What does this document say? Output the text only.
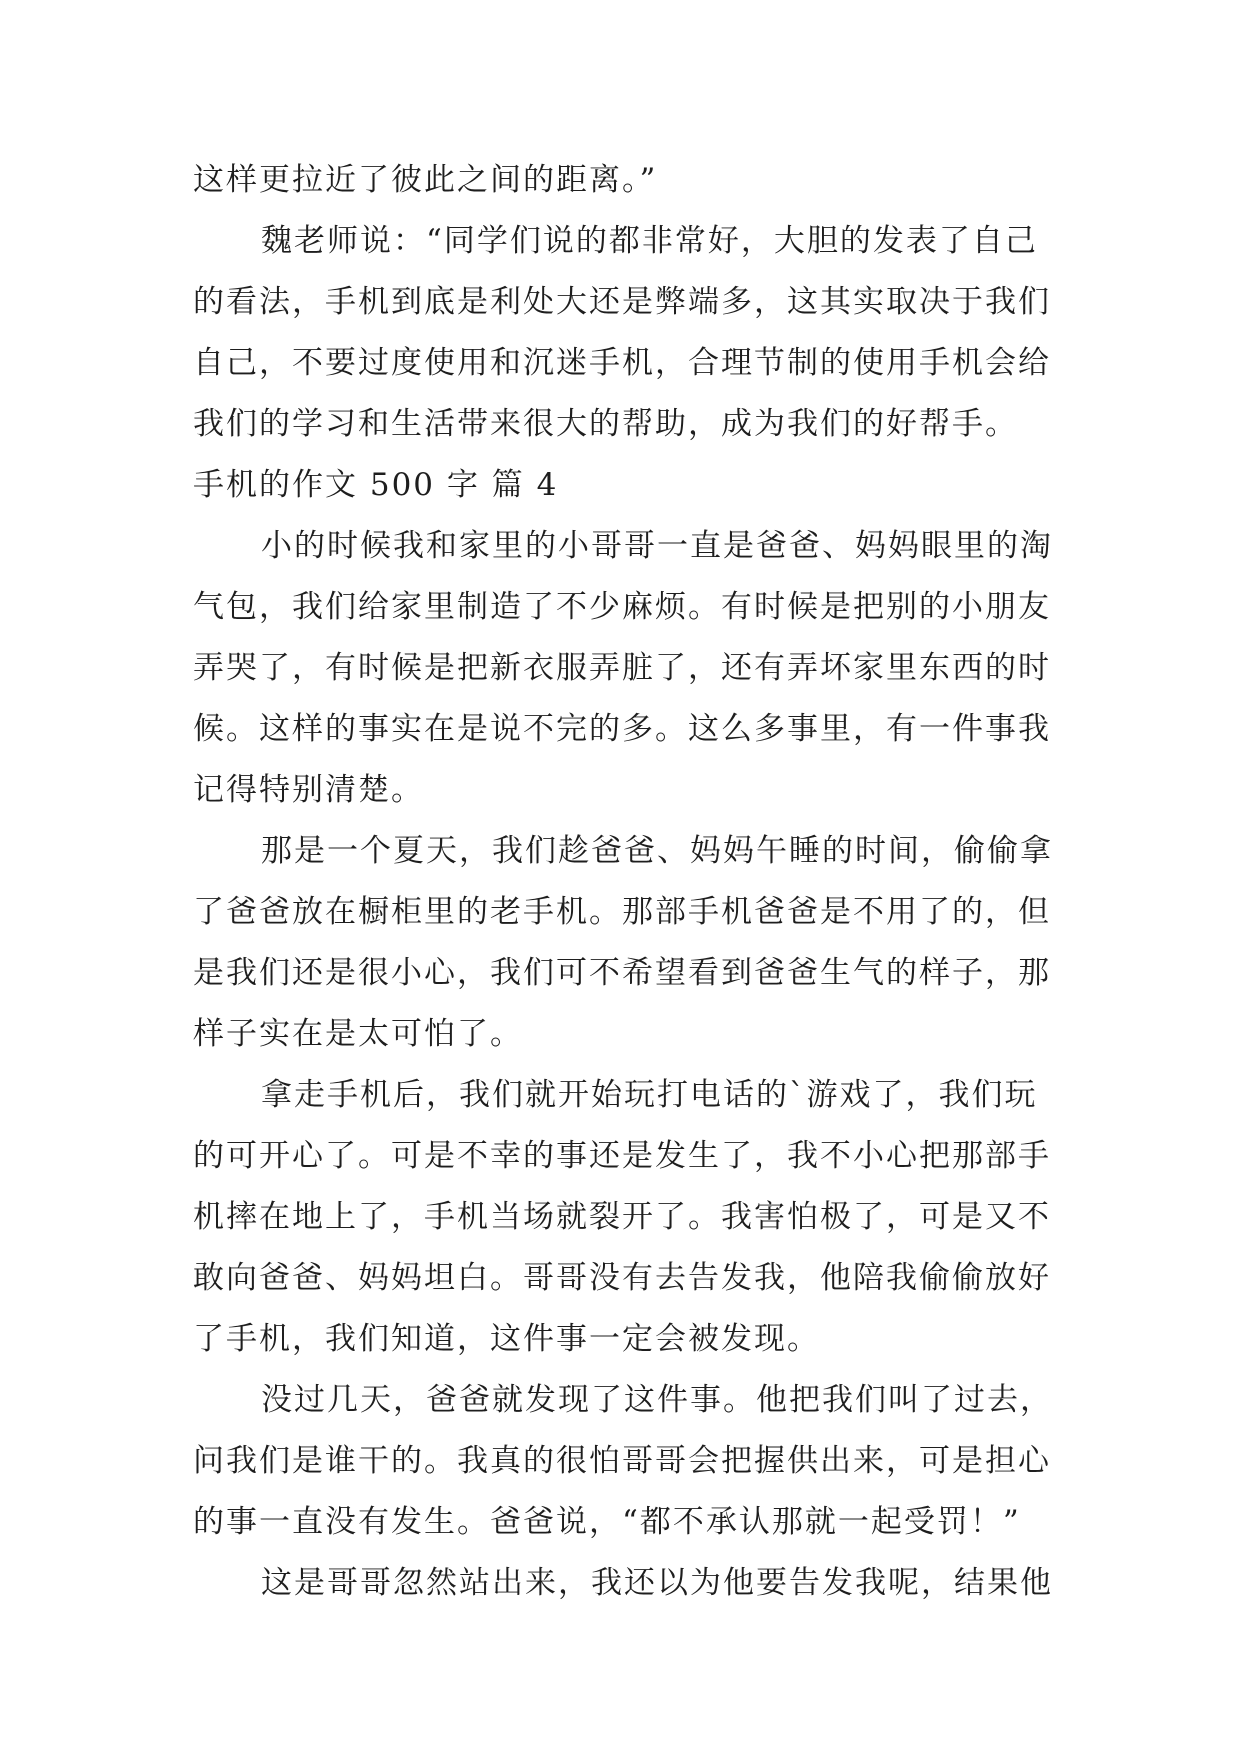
这样更拉近了彼此之间的距离。”
魏老师说：“同学们说的都非常好，大胆的发表了自己
的看法，手机到底是利处大还是弊端多，这其实取决于我们
自己，不要过度使用和沉迷手机，合理节制的使用手机会给
我们的学习和生活带来很大的帮助，成为我们的好帮手。
手机的作文 500 字 篇 4
小的时候我和家里的小哥哥一直是爸爸、妈妈眼里的淘
气包，我们给家里制造了不少麻烦。有时候是把别的小朋友
弄哭了，有时候是把新衣服弄脏了，还有弄坏家里东西的时
候。这样的事实在是说不完的多。这么多事里，有一件事我
记得特别清楚。
那是一个夏天，我们趁爸爸、妈妈午睡的时间，偷偷拿
了爸爸放在橱柜里的老手机。那部手机爸爸是不用了的，但
是我们还是很小心，我们可不希望看到爸爸生气的样子，那
样子实在是太可怕了。
拿走手机后，我们就开始玩打电话的`游戏了，我们玩
的可开心了。可是不幸的事还是发生了，我不小心把那部手
机摔在地上了，手机当场就裂开了。我害怕极了，可是又不
敢向爸爸、妈妈坦白。哥哥没有去告发我，他陪我偷偷放好
了手机，我们知道，这件事一定会被发现。
没过几天，爸爸就发现了这件事。他把我们叫了过去，
问我们是谁干的。我真的很怕哥哥会把握供出来，可是担心
的事一直没有发生。爸爸说，“都不承认那就一起受罚！”
这是哥哥忽然站出来，我还以为他要告发我呢，结果他
